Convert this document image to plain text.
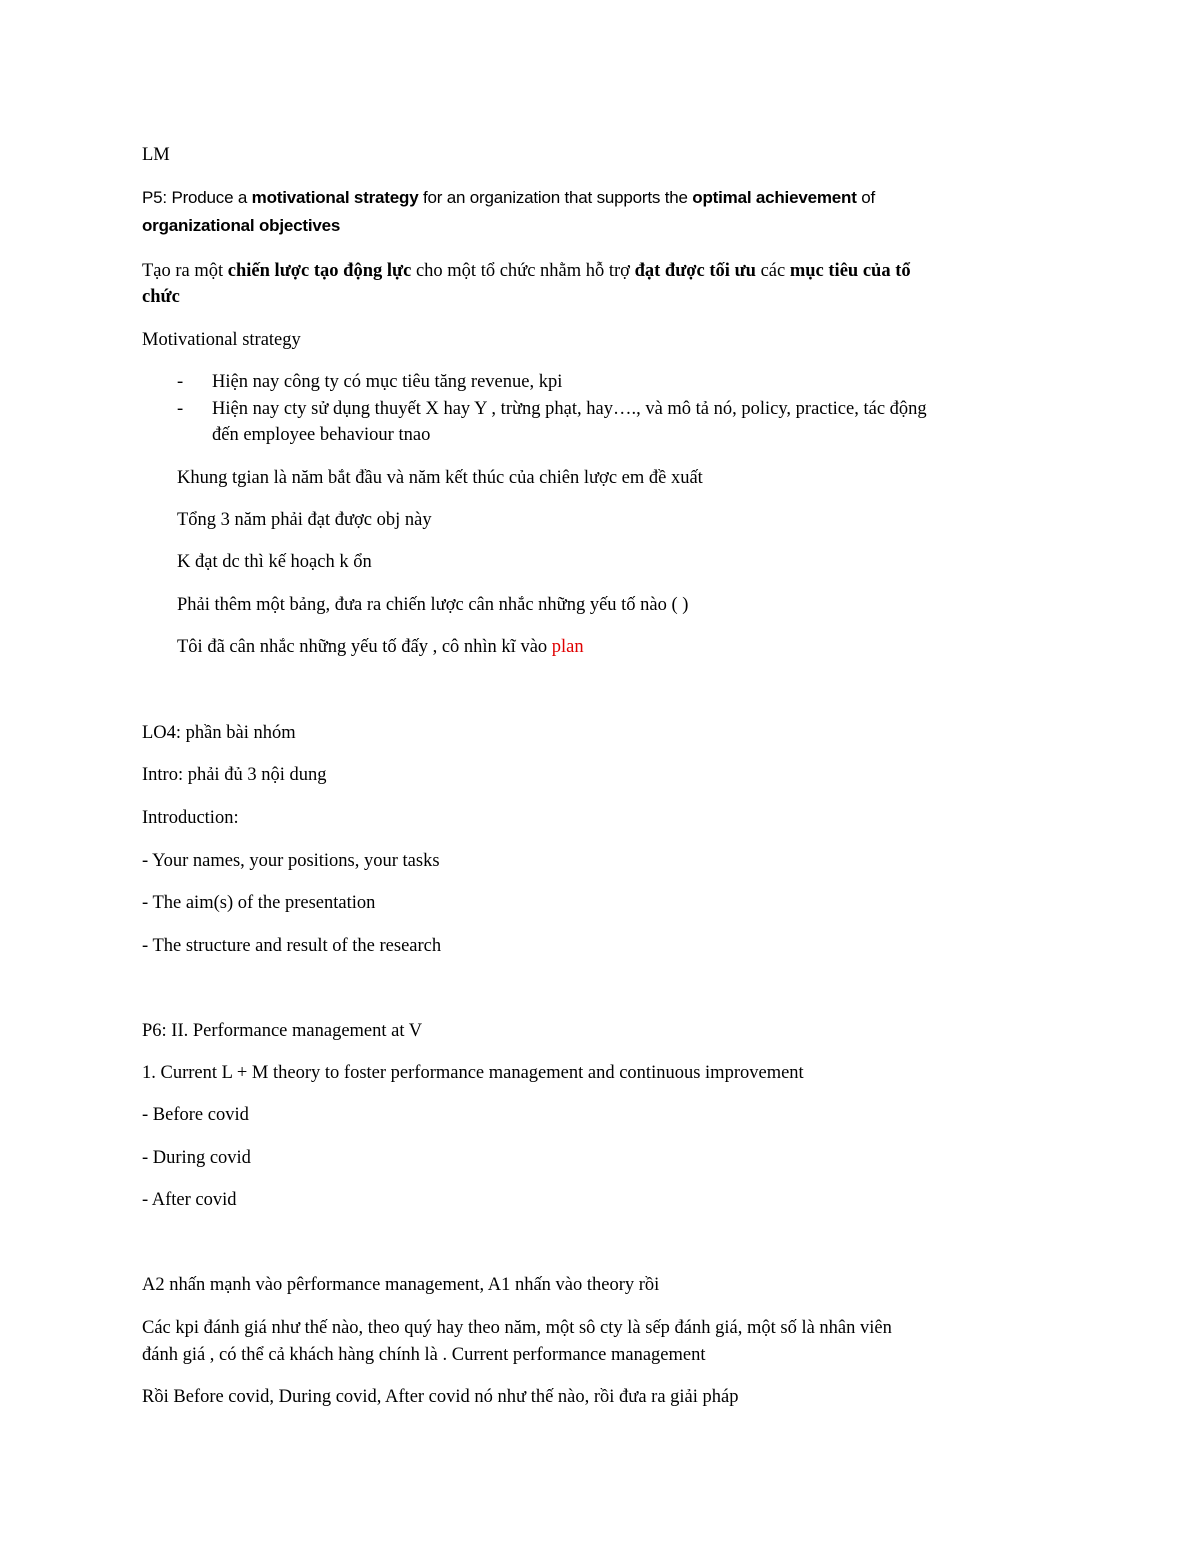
LM
P5: Produce a motivational strategy for an organization that supports the optimal achievement of
organizational objectives
Tạo ra một chiến lược tạo động lực cho một tổ chức nhằm hỗ trợ đạt được tối ưu các mục tiêu của tổ
chức
Motivational strategy
- Hiện nay công ty có mục tiêu tăng revenue, kpi
- Hiện nay cty sử dụng thuyết X hay Y , trừng phạt, hay…., và mô tả nó, policy, practice, tác động
đến employee behaviour tnao
Khung tgian là năm bắt đầu và năm kết thúc của chiên lược em đề xuất
Tổng 3 năm phải đạt được obj này
K đạt dc thì kế hoạch k ổn
Phải thêm một bảng, đưa ra chiến lược cân nhắc những yếu tố nào ( )
Tôi đã cân nhắc những yếu tố đấy , cô nhìn kĩ vào plan
LO4: phần bài nhóm
Intro: phải đủ 3 nội dung
Introduction:
- Your names, your positions, your tasks
- The aim(s) of the presentation
- The structure and result of the research
P6: II. Performance management at V
1. Current L + M theory to foster performance management and continuous improvement
- Before covid
- During covid
- After covid
A2 nhấn mạnh vào pêrformance management, A1 nhấn vào theory rồi
Các kpi đánh giá như thế nào, theo quý hay theo năm, một sô cty là sếp đánh giá, một số là nhân viên
đánh giá , có thể cả khách hàng chính là . Current performance management
Rồi Before covid, During covid, After covid nó như thế nào, rồi đưa ra giải pháp
